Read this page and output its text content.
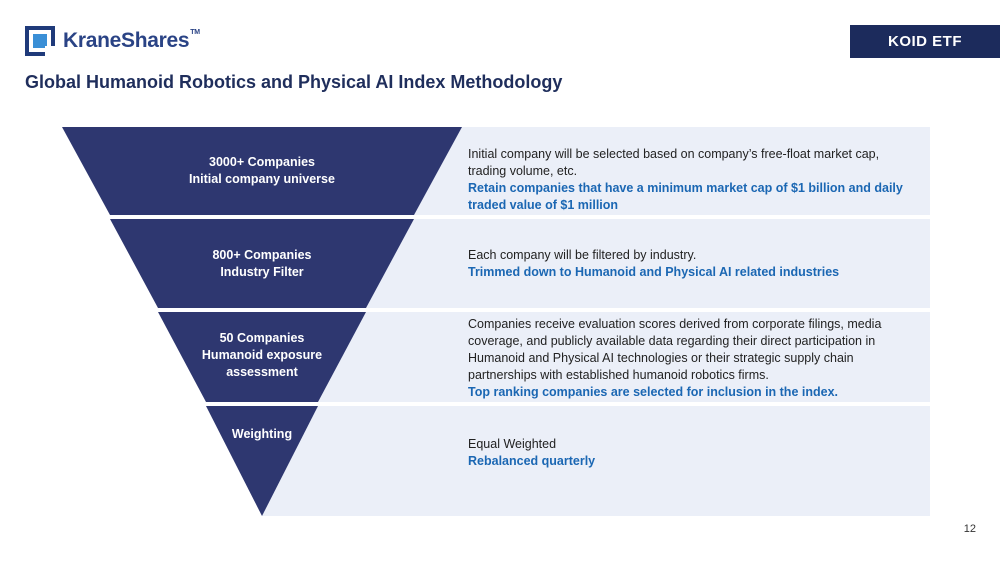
KraneShares™
KOID ETF
Global Humanoid Robotics and Physical AI Index Methodology
3000+ Companies
Initial company universe
800+ Companies
Industry Filter
50 Companies
Humanoid exposure
assessment
Weighting

Initial company will be selected based on company’s free-float market cap, trading volume, etc.

Retain companies that have a minimum market cap of $1 billion and daily traded value of $1 million

Each company will be filtered by industry.

Trimmed down to Humanoid and Physical AI related industries

Companies receive evaluation scores derived from corporate filings, media coverage, and publicly available data regarding their direct participation in Humanoid and Physical AI technologies or their strategic supply chain partnerships with established humanoid robotics firms.

Top ranking companies are selected for inclusion in the index.

Equal Weighted

Rebalanced quarterly

12
